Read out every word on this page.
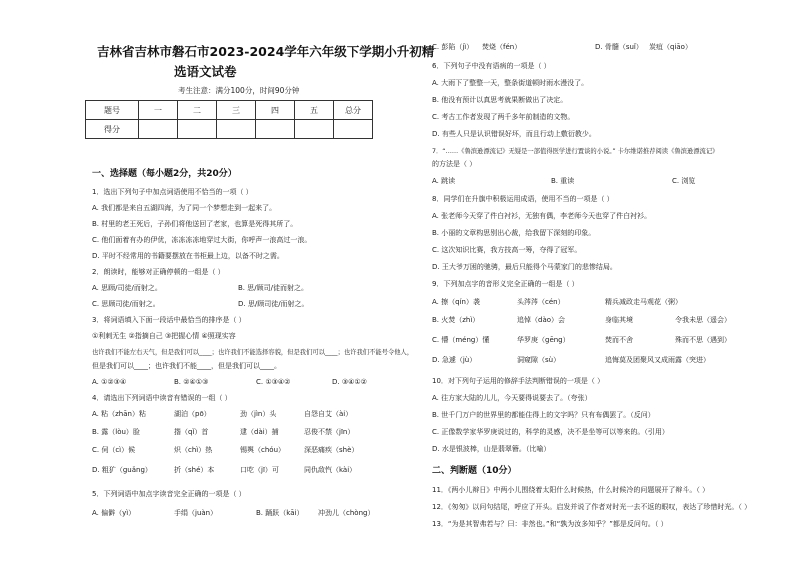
吉林省吉林市磐石市2023-2024学年六年级下学期小升初精
选语文试卷
考生注意：满分100分，时间90分钟
题号	一	二	三	四	五	总分
得分						
一、选择题（每小题2分，共20分）
1．选出下列句子中加点词语使用不恰当的一项（ ）
A. 我们都是来自五湖四海，为了同一个梦想走到一起来了。
B. 村里的老王死后，子孙们将他送回了老家，也算是死得其所了。
C. 他们面着有办的伊优，冻冻冻冻地穿过大街，你呼声一浪高过一浪。
D. 平时不经常用的书籍要摆放在书柜最上边，以备不时之需。
2．朗读时，能够对正确停顿的一组是（ ）
A. 思顾/司徒/而射之。	B. 思/顾司/徒而射之。
C. 思顾司徒/而射之。	D. 思/顾司徒/而射之。
3．将词语填入下面一段话中最恰当的排序是（ ）
①利刺无生 ②指摘自己 ③把握心情 ④照现实容
也许我们不能左右天气，但是我们可以____；也许我们不能选择容貌，但是我们可以____；也许我们不能号令他人，
但是我们可以____；也许我们不能____，但是我们可以____。
A. ①②③④	B. ②④①③	C. ①③④②	D. ③④①②
4．请选出下列词语中读音有错误的一组（ ）
A. 粘（zhān）粘	湖泊（pō）	劲（jìn）头	自怨自艾（ài）
B. 露（lòu）脸	揩（qǐ）首	逮（dài）捕	忍俊不禁（jīn）
C. 伺（cì）候	炽（chì）热	锡舆（chóu）	深恶痛疾（shè）
D. 粗犷（guǎng）	折（shé）本	口吃（jī）可	同仇敌忾（kài）
5．下列词语中加点字读音完全正确的一项是（ ）
A. 偏僻（yì）	手绢（juàn）	B. 踊跃（kāi） 冲劲儿（chòng）
C. 彭陷（jì） 焚烧（fén）	D. 骨髓（suǐ） 炭疽（qiāo）
6．下列句子中没有语病的一项是（ ）
A. 大雨下了整整一天，整条街道顿时雨水漫没了。
B. 他没有预计以真思考就果断做出了决定。
C. 考古工作者发现了两千多年前制造的文物。
D. 有些人只是认识错误好坏，而且行动上敷衍教少。
7．“……《鲁滨逊漂流记》无疑是一部值得医学进行置谈的小说。” 卡尔维诺推荐阅读《鲁滨逊漂流记》
的方法是（ ）
A. 跳读	B. 重读	C. 浏览
8．同学们在升旗中积极运用成语，使用不当的一项是（ ）
A. 张老师今天穿了件白衬衫，无独有偶，李老师今天也穿了件白衬衫。
B. 小丽的文章构思别出心裁，给我留下深刻的印象。
C. 这次知识比赛，我方技高一筹，夺得了冠军。
D. 王大爷万困的驰骋，最后只能得个马蒙家门的悲惨结局。
9．下列加点字的音形义完全正确的一组是（ ）
A. 擦（qín）袭	头涔涔（cén）	精兵减政走马观花（粥）
B. 火焚（zhì）	追悼（dào）会	身临其境	令我未思（遥会）
C. 懵（méng）懂	华罗庚（gēng）	焚而不舍	殊而不思（遇到）
D. 急遽（jù）	洞窥隙（sù）	追悔莫及团聚风又成雨露（突进）
10．对下列句子运用的修辞手法判断错误的一项是（ ）
A. 往方家大陆的儿儿，今天要得说要去了。（夸张）
B. 世千门万户的世界里的都能住得上的文字吗？只有布偶罢了。（反问）
C. 正像数学家华罗庚说过的，科学的灵感，决不是坐等可以等来的。（引用）
D. 水是银波棒，山是翡翠簪。（比喻）
二、判断题（10分）
11．《两小儿辩日》中两小儿围绕着太阳什么时候热，什么时候冷的问题展开了辩斗。（ ）
12．《匆匆》以问句结尾，呼应了开头。启发并说了作者对时光一去不返的眼叹，表达了珍惜时光。（ ）
13．“为是其智弗若与？曰：非然也。”和“孰为汝多知乎？”都是反问句。（ ）
